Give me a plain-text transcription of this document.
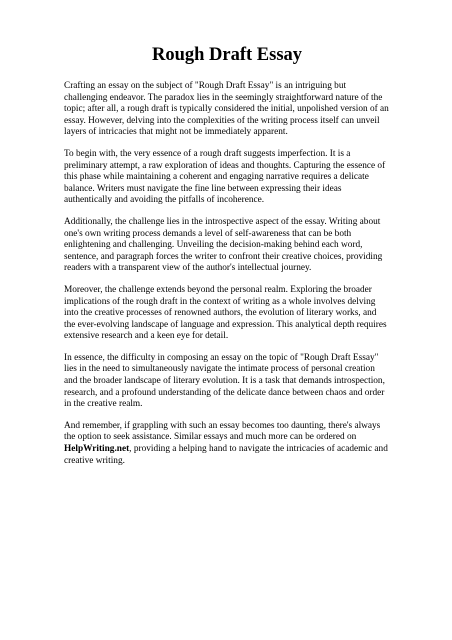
Rough Draft Essay

Crafting an essay on the subject of "Rough Draft Essay" is an intriguing but challenging endeavor. The paradox lies in the seemingly straightforward nature of the topic; after all, a rough draft is typically considered the initial, unpolished version of an essay. However, delving into the complexities of the writing process itself can unveil layers of intricacies that might not be immediately apparent.

To begin with, the very essence of a rough draft suggests imperfection. It is a preliminary attempt, a raw exploration of ideas and thoughts. Capturing the essence of this phase while maintaining a coherent and engaging narrative requires a delicate balance. Writers must navigate the fine line between expressing their ideas authentically and avoiding the pitfalls of incoherence.

Additionally, the challenge lies in the introspective aspect of the essay. Writing about one's own writing process demands a level of self-awareness that can be both enlightening and challenging. Unveiling the decision-making behind each word, sentence, and paragraph forces the writer to confront their creative choices, providing readers with a transparent view of the author's intellectual journey.

Moreover, the challenge extends beyond the personal realm. Exploring the broader implications of the rough draft in the context of writing as a whole involves delving into the creative processes of renowned authors, the evolution of literary works, and the ever-evolving landscape of language and expression. This analytical depth requires extensive research and a keen eye for detail.

In essence, the difficulty in composing an essay on the topic of "Rough Draft Essay" lies in the need to simultaneously navigate the intimate process of personal creation and the broader landscape of literary evolution. It is a task that demands introspection, research, and a profound understanding of the delicate dance between chaos and order in the creative realm.

And remember, if grappling with such an essay becomes too daunting, there's always the option to seek assistance. Similar essays and much more can be ordered on HelpWriting.net, providing a helping hand to navigate the intricacies of academic and creative writing.
